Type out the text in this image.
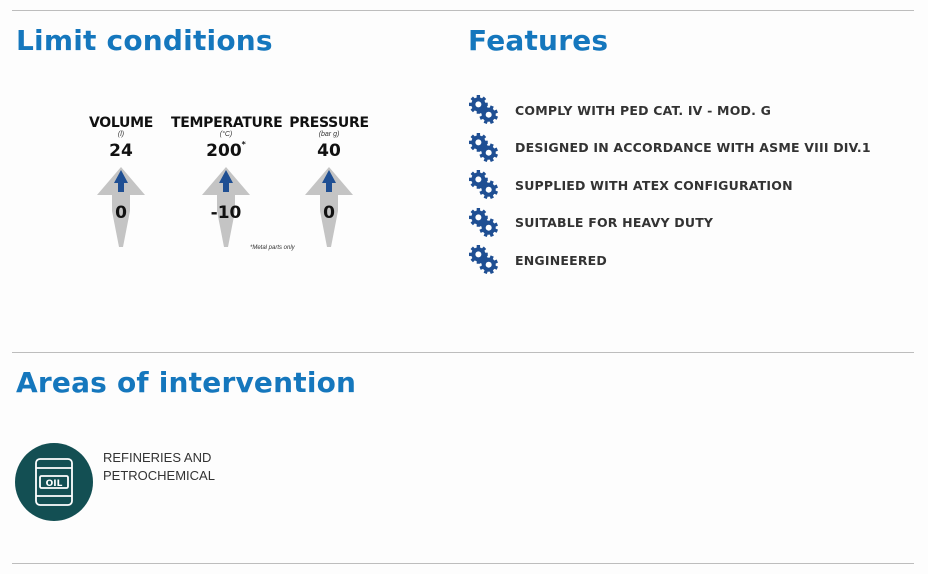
Limit conditions
VOLUME
(l)
24
0
TEMPERATURE
(°C)
200*
-10
PRESSURE
(bar g)
40
0
*Metal parts only
Features
COMPLY WITH PED CAT. IV - MOD. G
DESIGNED IN ACCORDANCE WITH ASME VIII DIV.1
SUPPLIED WITH ATEX CONFIGURATION
SUITABLE FOR HEAVY DUTY
ENGINEERED
Areas of intervention
OIL
REFINERIES AND
PETROCHEMICAL
